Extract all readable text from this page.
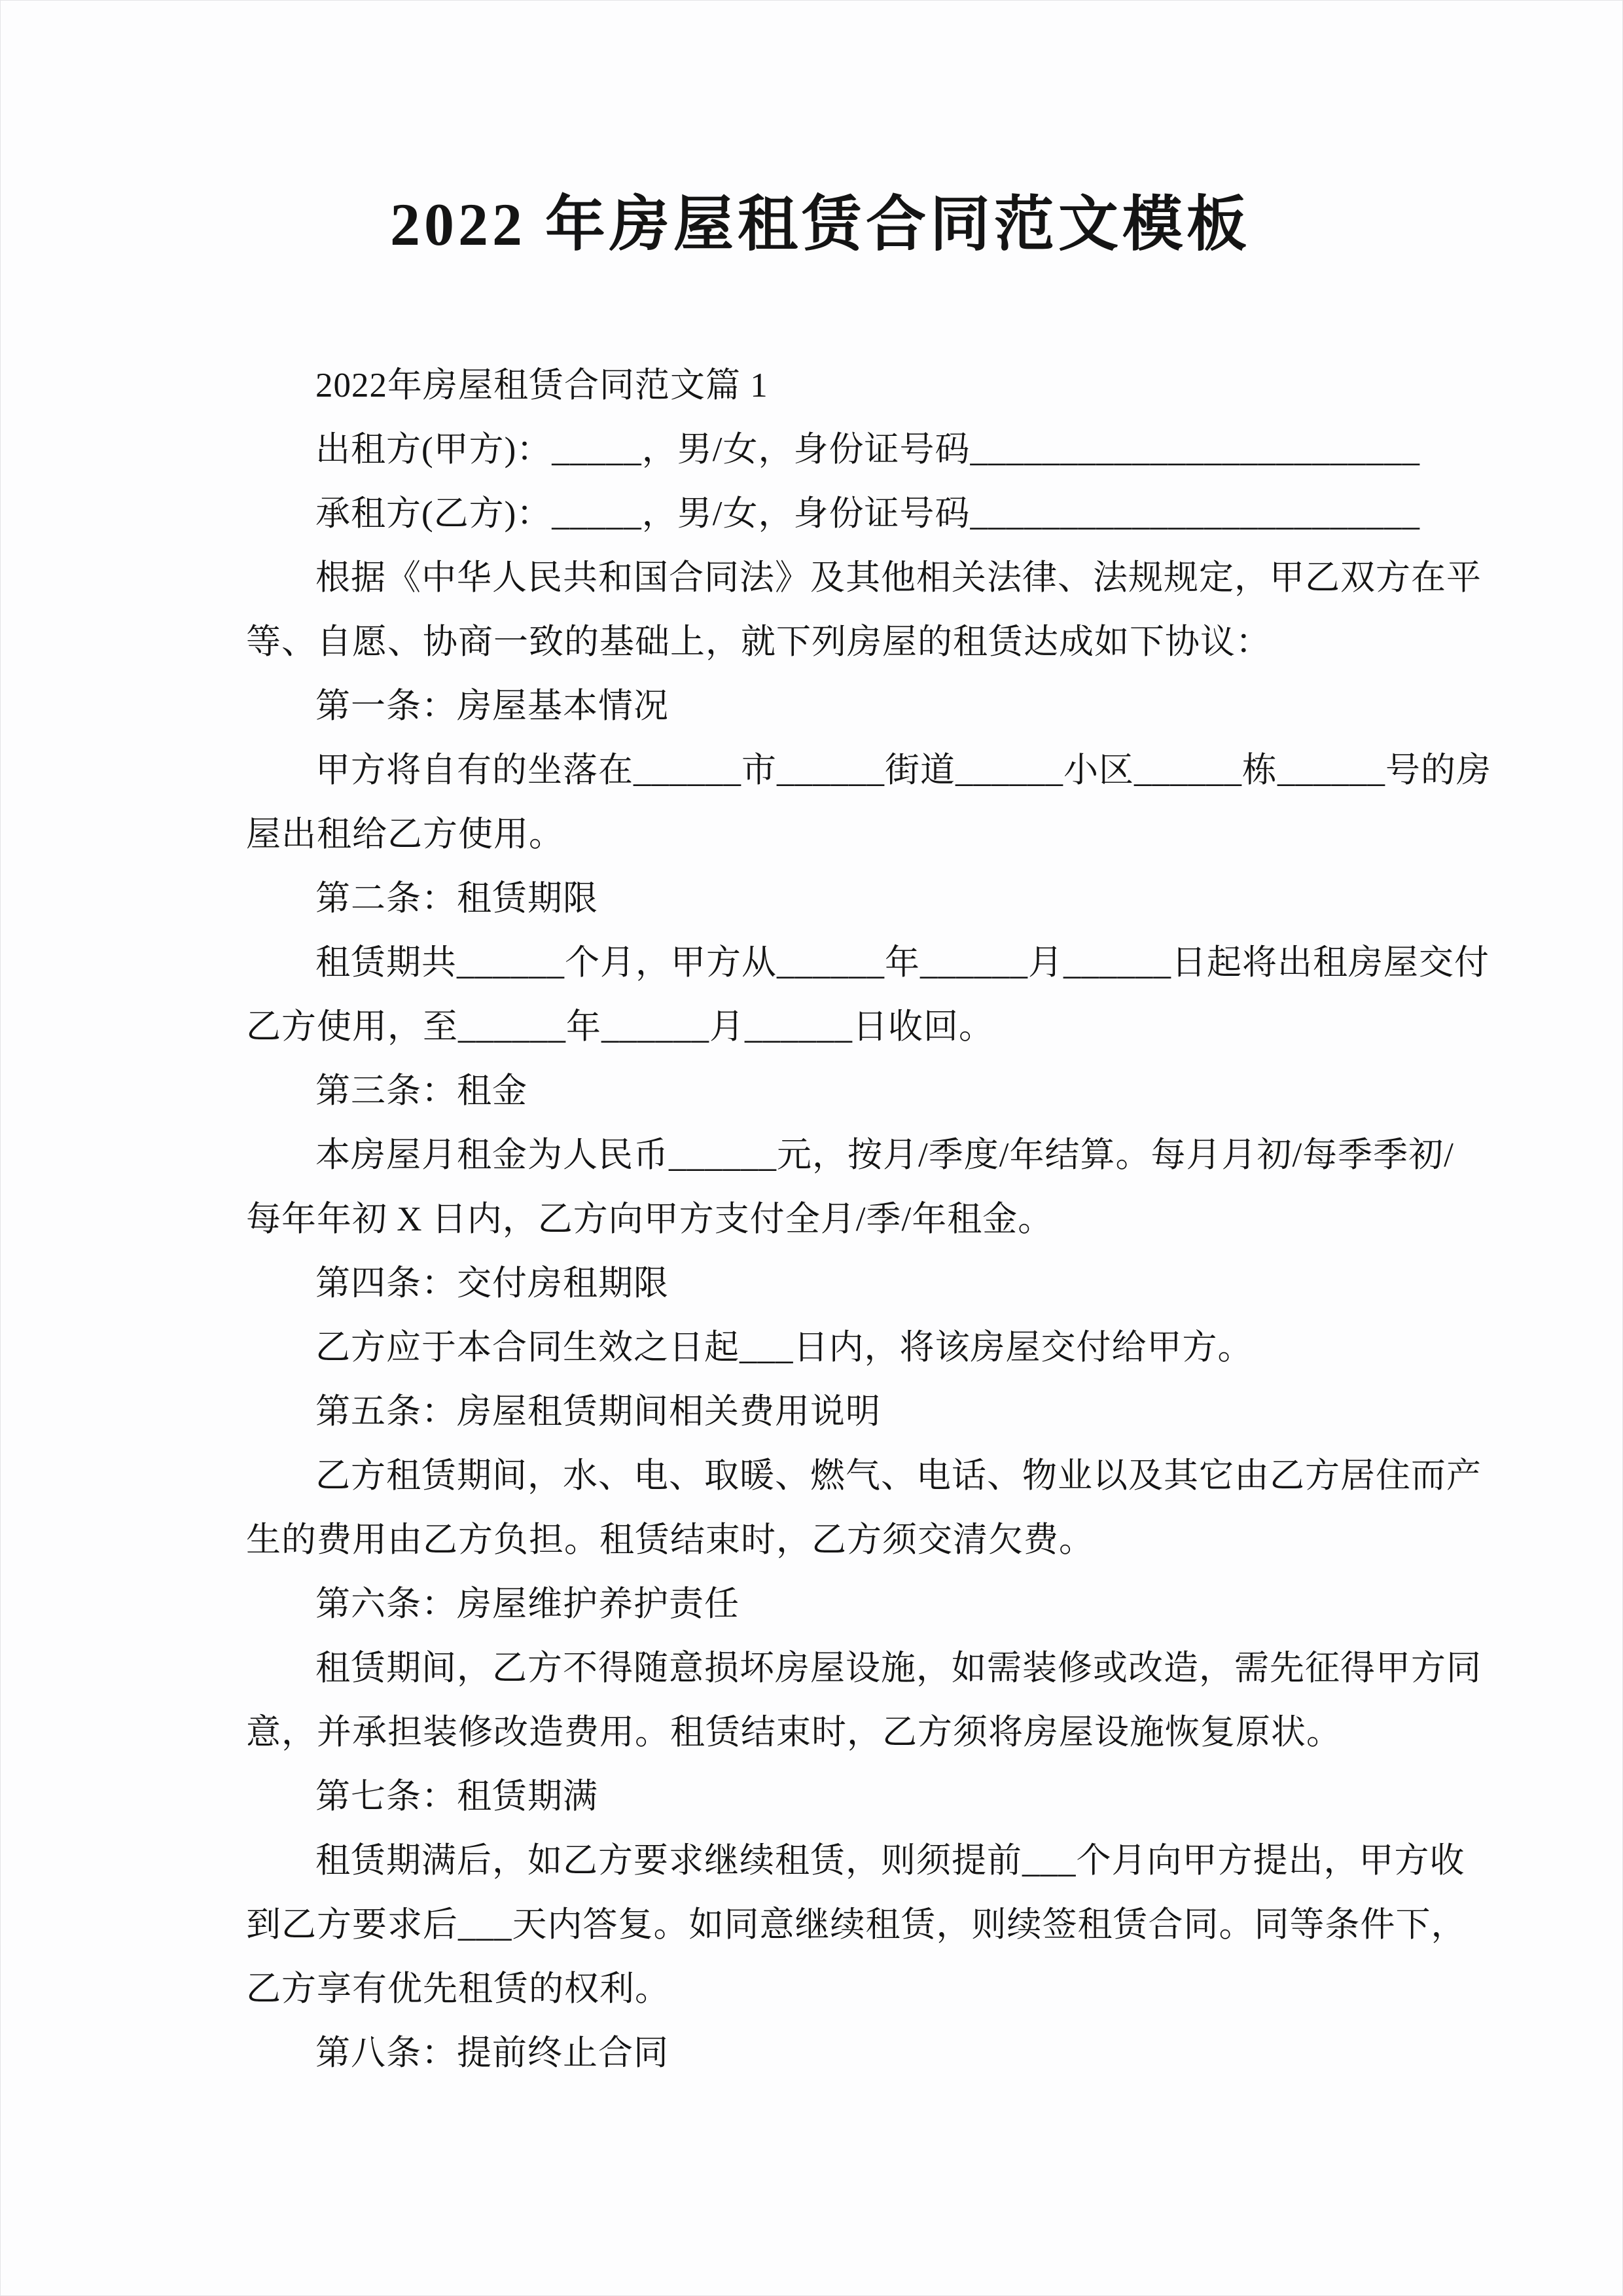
2022 年房屋租赁合同范文模板
2022年房屋租赁合同范文篇 1
出租方(甲方)：_____，男/女，身份证号码_________________________
承租方(乙方)：_____，男/女，身份证号码_________________________
根据《中华人民共和国合同法》及其他相关法律、法规规定，甲乙双方在平
等、自愿、协商一致的基础上，就下列房屋的租赁达成如下协议：
第一条：房屋基本情况
甲方将自有的坐落在______市______街道______小区______栋______号的房
屋出租给乙方使用。
第二条：租赁期限
租赁期共______个月，甲方从______年______月______日起将出租房屋交付
乙方使用，至______年______月______日收回。
第三条：租金
本房屋月租金为人民币______元，按月/季度/年结算。每月月初/每季季初/
每年年初 X 日内，乙方向甲方支付全月/季/年租金。
第四条：交付房租期限
乙方应于本合同生效之日起___日内，将该房屋交付给甲方。
第五条：房屋租赁期间相关费用说明
乙方租赁期间，水、电、取暖、燃气、电话、物业以及其它由乙方居住而产
生的费用由乙方负担。租赁结束时，乙方须交清欠费。
第六条：房屋维护养护责任
租赁期间，乙方不得随意损坏房屋设施，如需装修或改造，需先征得甲方同
意，并承担装修改造费用。租赁结束时，乙方须将房屋设施恢复原状。
第七条：租赁期满
租赁期满后，如乙方要求继续租赁，则须提前___个月向甲方提出，甲方收
到乙方要求后___天内答复。如同意继续租赁，则续签租赁合同。同等条件下，
乙方享有优先租赁的权利。
第八条：提前终止合同
